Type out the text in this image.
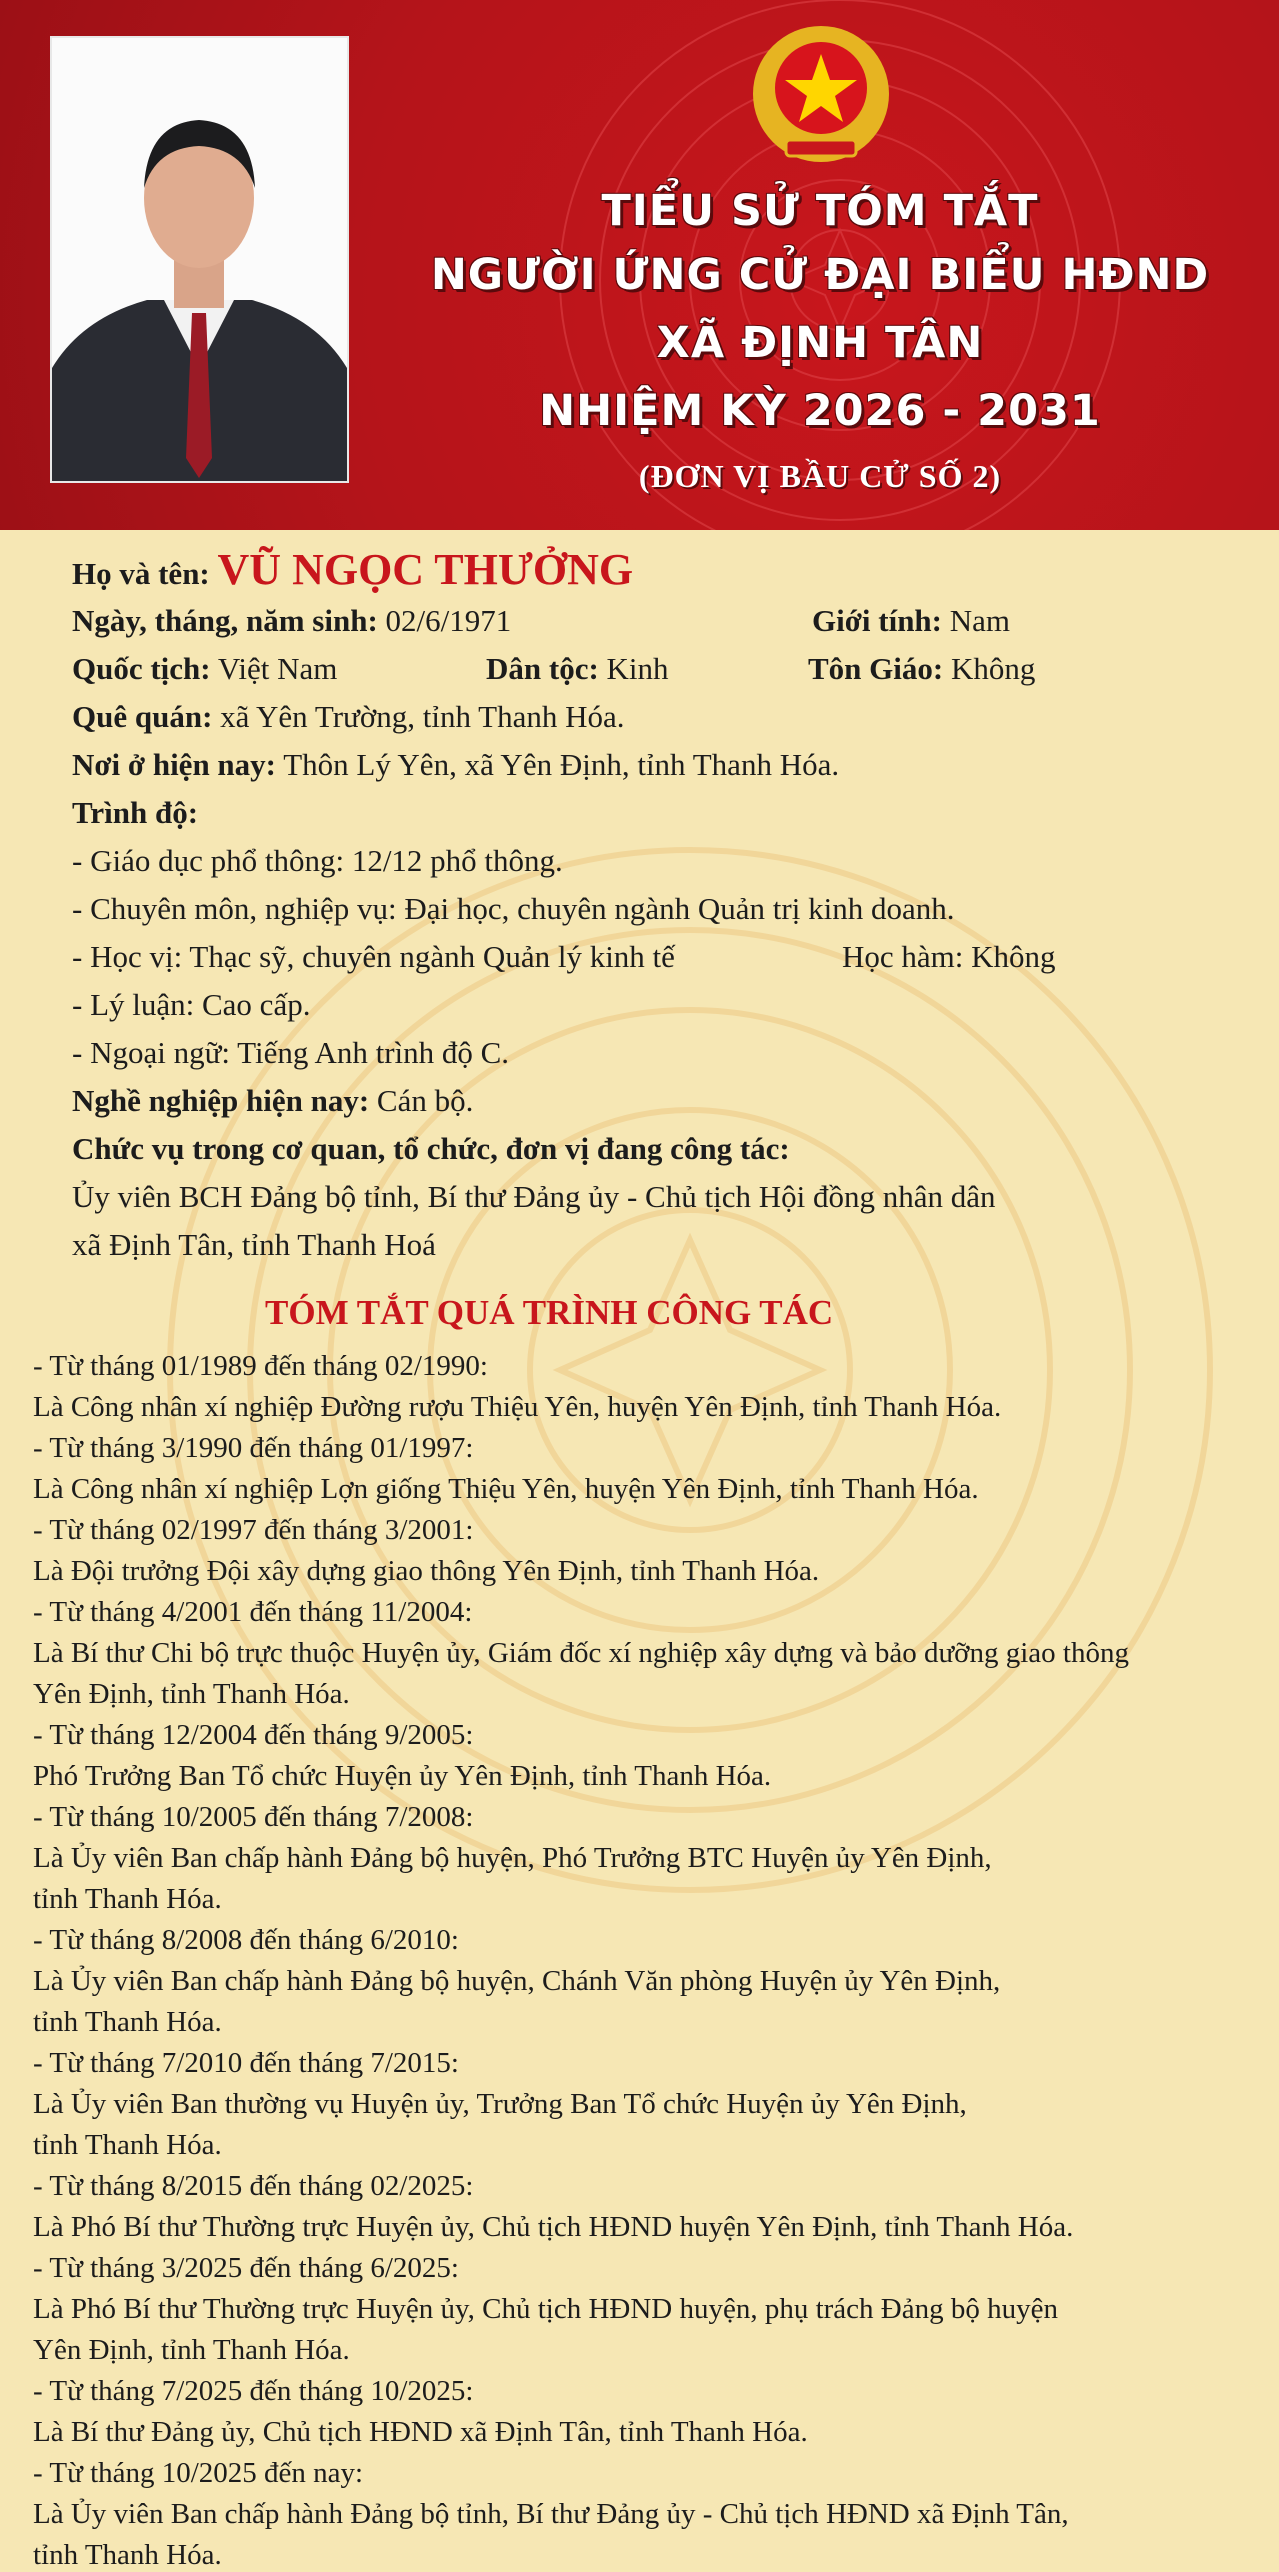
TIỂU SỬ TÓM TẮT
NGƯỜI ỨNG CỬ ĐẠI BIỂU HĐND
XÃ ĐỊNH TÂN
NHIỆM KỲ 2026 - 2031
(ĐƠN VỊ BẦU CỬ SỐ 2)
Họ và tên: VŨ NGỌC THƯỞNG
Ngày, tháng, năm sinh: 02/6/1971	Giới tính: Nam
Quốc tịch: Việt Nam	Dân tộc: Kinh	Tôn Giáo: Không
Quê quán: xã Yên Trường, tỉnh Thanh Hóa.
Nơi ở hiện nay: Thôn Lý Yên, xã Yên Định, tỉnh Thanh Hóa.
Trình độ:
- Giáo dục phổ thông: 12/12 phổ thông.
- Chuyên môn, nghiệp vụ: Đại học, chuyên ngành Quản trị kinh doanh.
- Học vị: Thạc sỹ, chuyên ngành Quản lý kinh tế	Học hàm: Không
- Lý luận: Cao cấp.
- Ngoại ngữ: Tiếng Anh trình độ C.
Nghề nghiệp hiện nay: Cán bộ.
Chức vụ trong cơ quan, tổ chức, đơn vị đang công tác:
Ủy viên BCH Đảng bộ tỉnh, Bí thư Đảng ủy - Chủ tịch Hội đồng nhân dân
xã Định Tân, tỉnh Thanh Hoá
TÓM TẮT QUÁ TRÌNH CÔNG TÁC
- Từ tháng 01/1989 đến tháng 02/1990:
Là Công nhân xí nghiệp Đường rượu Thiệu Yên, huyện Yên Định, tỉnh Thanh Hóa.
- Từ tháng 3/1990 đến tháng 01/1997:
Là Công nhân xí nghiệp Lợn giống Thiệu Yên, huyện Yên Định, tỉnh Thanh Hóa.
- Từ tháng 02/1997 đến tháng 3/2001:
Là Đội trưởng Đội xây dựng giao thông Yên Định, tỉnh Thanh Hóa.
- Từ tháng 4/2001 đến tháng 11/2004:
Là Bí thư Chi bộ trực thuộc Huyện ủy, Giám đốc xí nghiệp xây dựng và bảo dưỡng giao thông
Yên Định, tỉnh Thanh Hóa.
- Từ tháng 12/2004 đến tháng 9/2005:
Phó Trưởng Ban Tổ chức Huyện ủy Yên Định, tỉnh Thanh Hóa.
- Từ tháng 10/2005 đến tháng 7/2008:
Là Ủy viên Ban chấp hành Đảng bộ huyện, Phó Trưởng BTC Huyện ủy Yên Định,
tỉnh Thanh Hóa.
- Từ tháng 8/2008 đến tháng 6/2010:
Là Ủy viên Ban chấp hành Đảng bộ huyện, Chánh Văn phòng Huyện ủy Yên Định,
tỉnh Thanh Hóa.
- Từ tháng 7/2010 đến tháng 7/2015:
Là Ủy viên Ban thường vụ Huyện ủy, Trưởng Ban Tổ chức Huyện ủy Yên Định,
tỉnh Thanh Hóa.
- Từ tháng 8/2015 đến tháng 02/2025:
Là Phó Bí thư Thường trực Huyện ủy, Chủ tịch HĐND huyện Yên Định, tỉnh Thanh Hóa.
- Từ tháng 3/2025 đến tháng 6/2025:
Là Phó Bí thư Thường trực Huyện ủy, Chủ tịch HĐND huyện, phụ trách Đảng bộ huyện
Yên Định, tỉnh Thanh Hóa.
- Từ tháng 7/2025 đến tháng 10/2025:
Là Bí thư Đảng ủy, Chủ tịch HĐND xã Định Tân, tỉnh Thanh Hóa.
- Từ tháng 10/2025 đến nay:
Là Ủy viên Ban chấp hành Đảng bộ tỉnh, Bí thư Đảng ủy - Chủ tịch HĐND xã Định Tân,
tỉnh Thanh Hóa.
